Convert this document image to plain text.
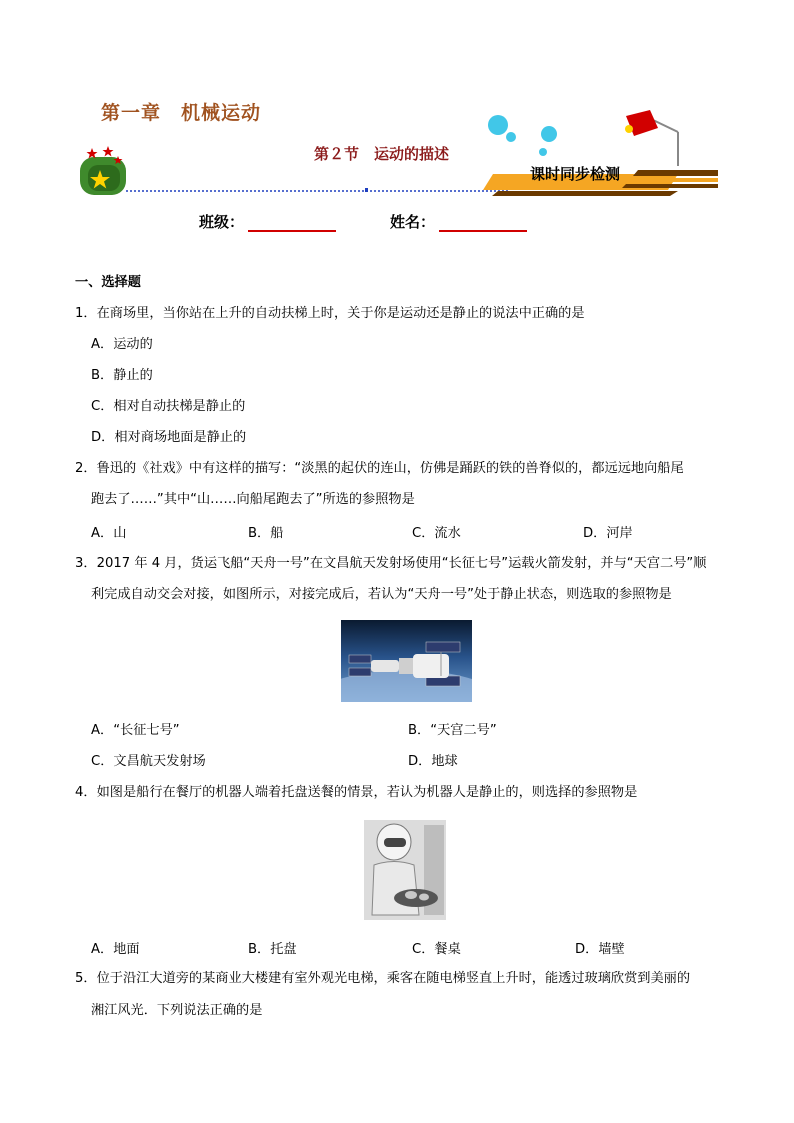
第一章　机械运动
第２节　运动的描述
课时同步检测
班级：	姓名：
一、选择题
1．在商场里，当你站在上升的自动扶梯上时，关于你是运动还是静止的说法中正确的是
A．运动的
B．静止的
C．相对自动扶梯是静止的
D．相对商场地面是静止的
2．鲁迅的《社戏》中有这样的描写：“淡黑的起伏的连山，仿佛是踊跃的铁的兽脊似的，都远远地向船尾
跑去了……”其中“山……向船尾跑去了”所选的参照物是
A．山	B．船	C．流水	D．河岸
3．2017 年 4 月，货运飞船“天舟一号”在文昌航天发射场使用“长征七号”运载火箭发射，并与“天宫二号”顺
利完成自动交会对接，如图所示，对接完成后，若认为“天舟一号”处于静止状态，则选取的参照物是
A．“长征七号”	B．“天宫二号”
C．文昌航天发射场	D．地球
4．如图是船行在餐厅的机器人端着托盘送餐的情景，若认为机器人是静止的，则选择的参照物是
A．地面	B．托盘	C．餐桌	D．墙壁
5．位于沿江大道旁的某商业大楼建有室外观光电梯，乘客在随电梯竖直上升时，能透过玻璃欣赏到美丽的
湘江风光．下列说法正确的是
